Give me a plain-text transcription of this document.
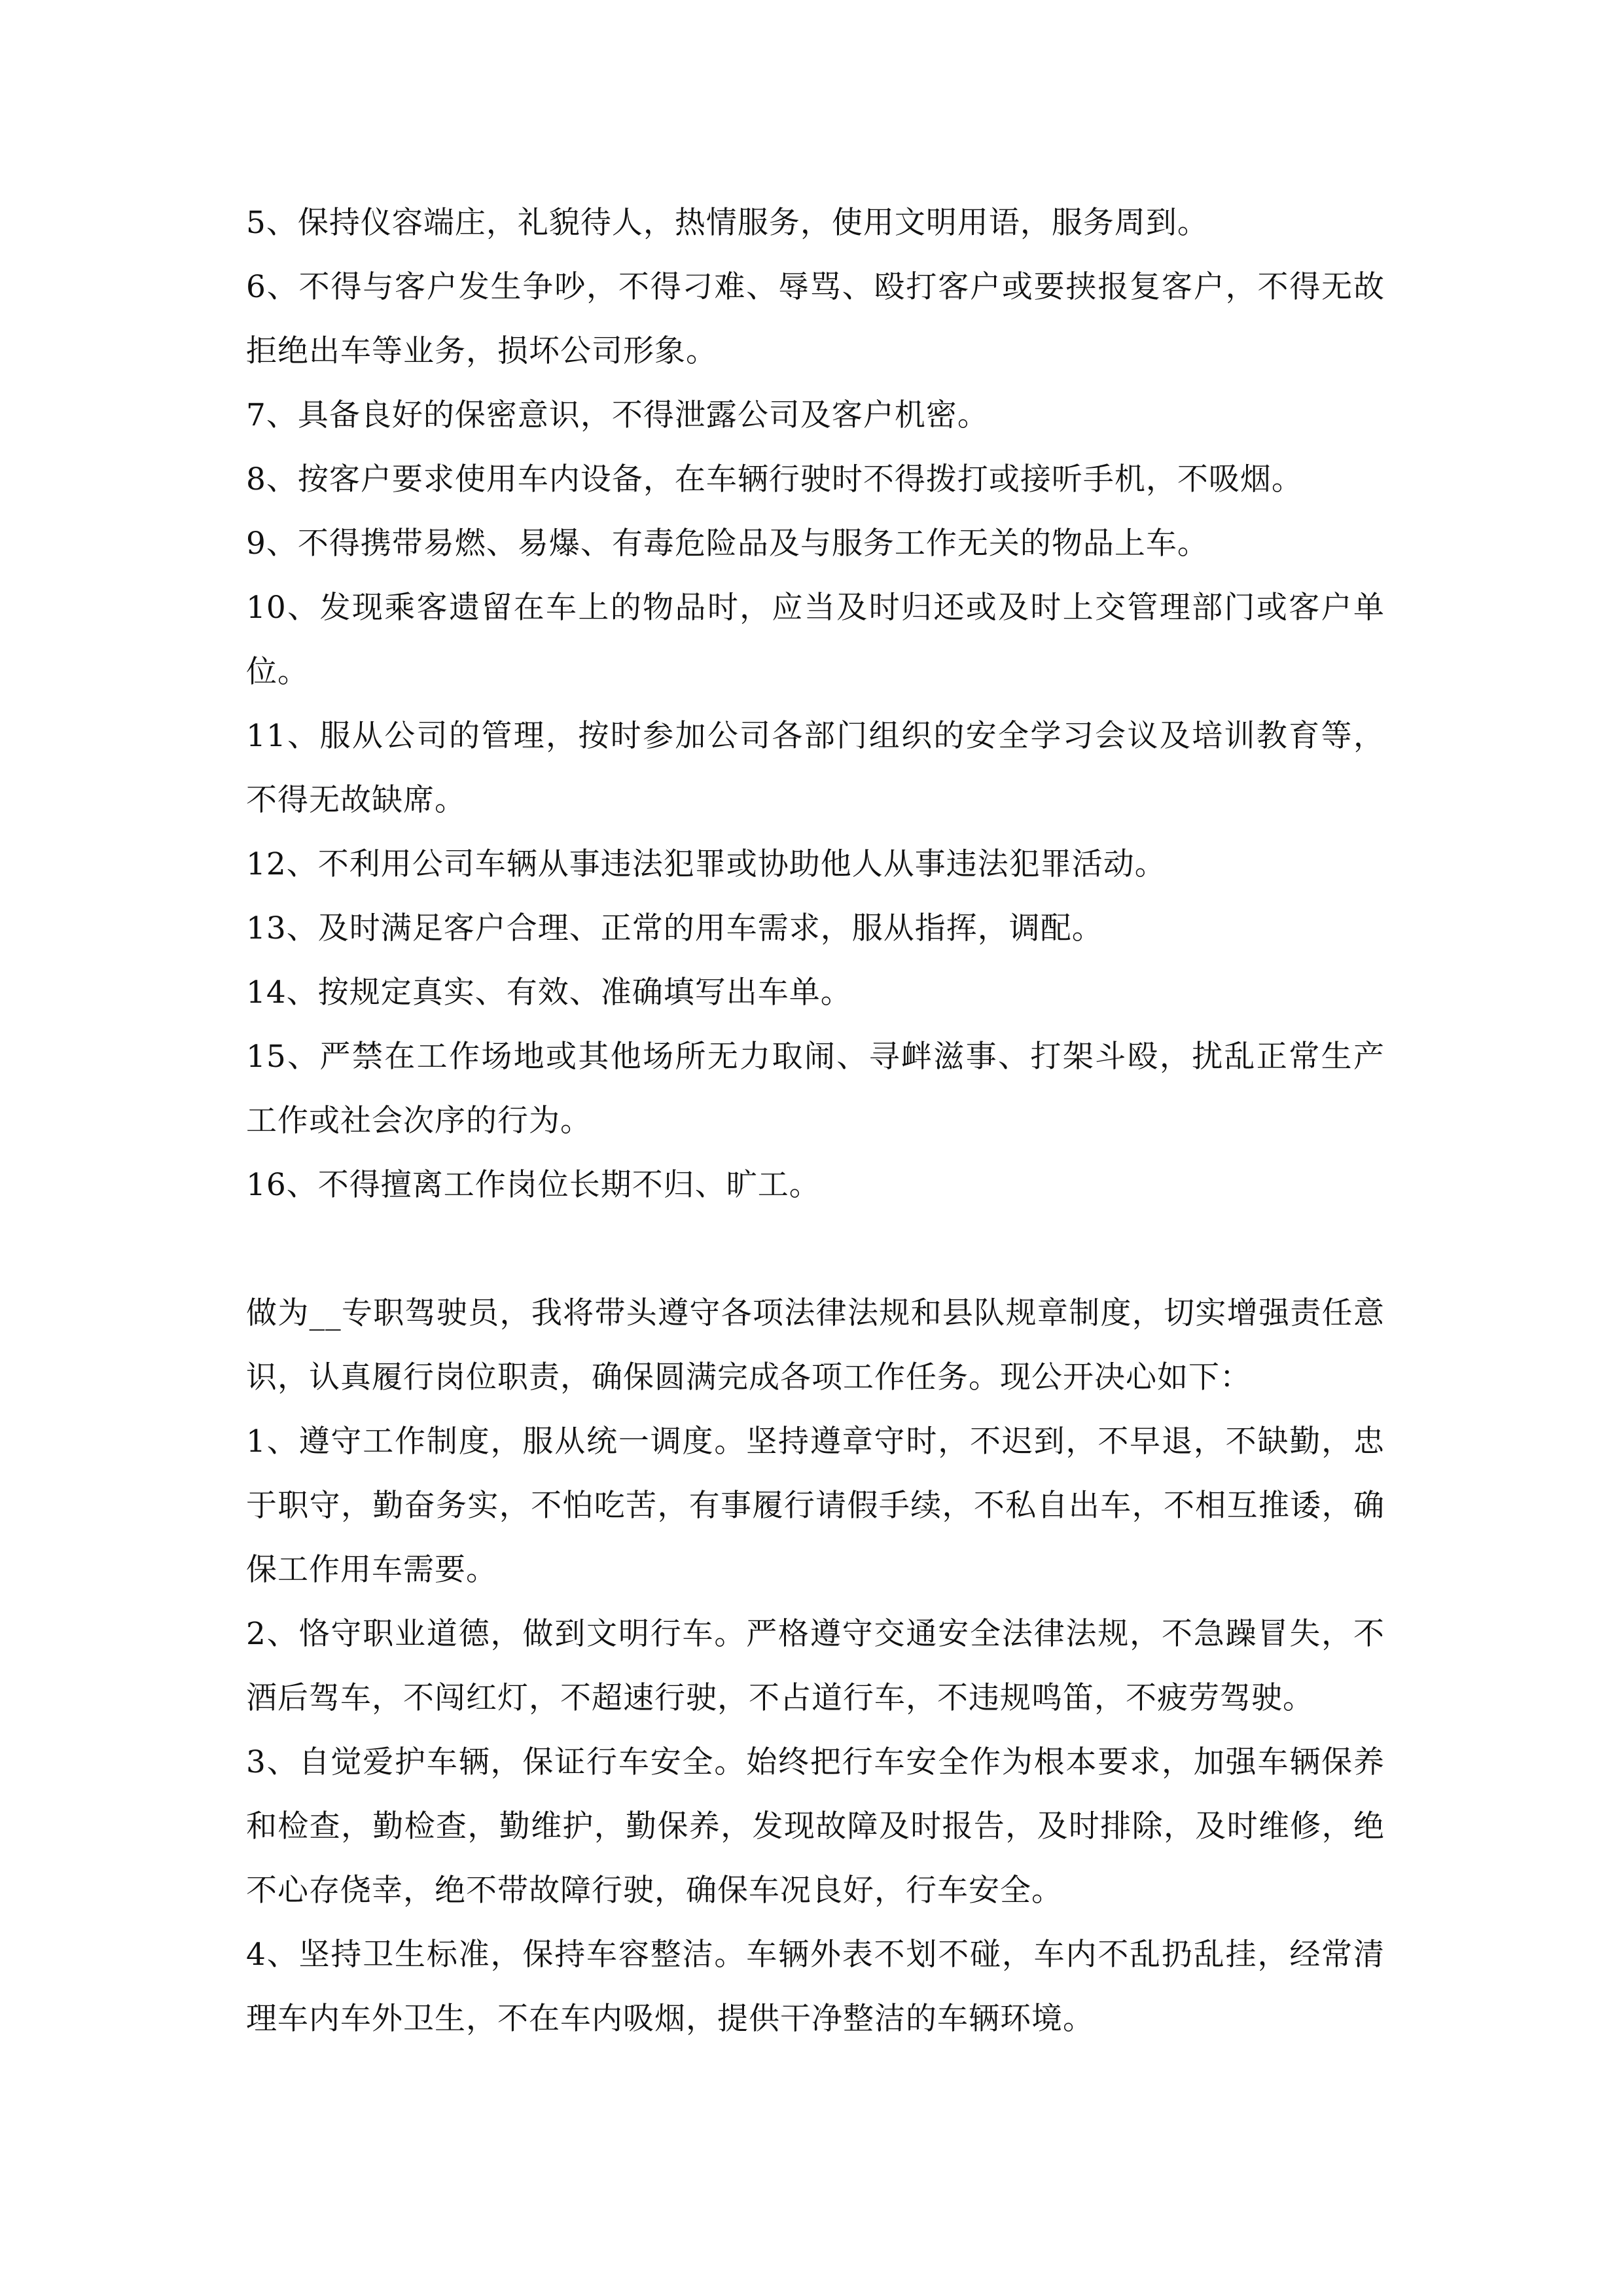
5、保持仪容端庄，礼貌待人，热情服务，使用文明用语，服务周到。

6、不得与客户发生争吵，不得刁难、辱骂、殴打客户或要挟报复客户，不得无故拒绝出车等业务，损坏公司形象。

7、具备良好的保密意识，不得泄露公司及客户机密。

8、按客户要求使用车内设备，在车辆行驶时不得拨打或接听手机，不吸烟。

9、不得携带易燃、易爆、有毒危险品及与服务工作无关的物品上车。

10、发现乘客遗留在车上的物品时，应当及时归还或及时上交管理部门或客户单位。

11、服从公司的管理，按时参加公司各部门组织的安全学习会议及培训教育等，不得无故缺席。

12、不利用公司车辆从事违法犯罪或协助他人从事违法犯罪活动。

13、及时满足客户合理、正常的用车需求，服从指挥，调配。

14、按规定真实、有效、准确填写出车单。

15、严禁在工作场地或其他场所无力取闹、寻衅滋事、打架斗殴，扰乱正常生产工作或社会次序的行为。

16、不得擅离工作岗位长期不归、旷工。

做为__专职驾驶员，我将带头遵守各项法律法规和县队规章制度，切实增强责任意识，认真履行岗位职责，确保圆满完成各项工作任务。现公开决心如下：

1、遵守工作制度，服从统一调度。坚持遵章守时，不迟到，不早退，不缺勤，忠于职守，勤奋务实，不怕吃苦，有事履行请假手续，不私自出车，不相互推诿，确保工作用车需要。

2、恪守职业道德，做到文明行车。严格遵守交通安全法律法规，不急躁冒失，不酒后驾车，不闯红灯，不超速行驶，不占道行车，不违规鸣笛，不疲劳驾驶。

3、自觉爱护车辆，保证行车安全。始终把行车安全作为根本要求，加强车辆保养和检查，勤检查，勤维护，勤保养，发现故障及时报告，及时排除，及时维修，绝不心存侥幸，绝不带故障行驶，确保车况良好，行车安全。

4、坚持卫生标准，保持车容整洁。车辆外表不划不碰，车内不乱扔乱挂，经常清理车内车外卫生，不在车内吸烟，提供干净整洁的车辆环境。
